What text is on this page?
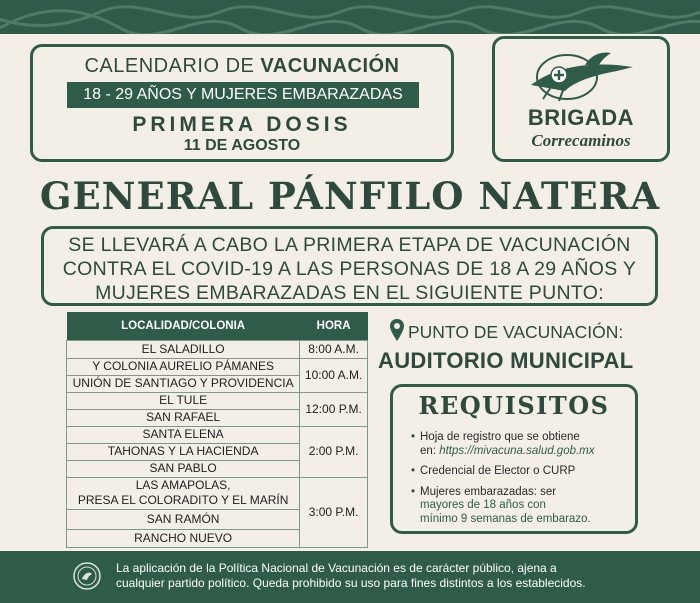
CALENDARIO DE VACUNACIÓN
18 - 29 AÑOS Y MUJERES EMBARAZADAS
PRIMERA DOSIS
11 DE AGOSTO
BRIGADA
Correcaminos
GENERAL PÁNFILO NATERA

SE LLEVARÁ A CABO LA PRIMERA ETAPA DE VACUNACIÓN

CONTRA EL COVID-19 A LAS PERSONAS DE 18 A 29 AÑOS Y

MUJERES EMBARAZADAS EN EL SIGUIENTE PUNTO:

LOCALIDAD/COLONIA	HORA
EL SALADILLO	8:00 A.M.
Y COLONIA AURELIO PÁMANES	10:00 A.M.
UNIÓN DE SANTIAGO Y PROVIDENCIA	
EL TULE	12:00 P.M.
SAN RAFAEL	
SANTA ELENA	2:00 P.M.
TAHONAS Y LA HACIENDA	
SAN PABLO	

LAS AMAPOLAS,
PRESA EL COLORADITO Y EL MARÍN	3:00 P.M.
SAN RAMÓN	
RANCHO NUEVO	
PUNTO DE VACUNACIÓN:
AUDITORIO MUNICIPAL
REQUISITOS
• Hoja de registro que se obtiene
en: https://mivacuna.salud.gob.mx
• Credencial de Elector o CURP
• Mujeres embarazadas: ser
mayores de 18 años con
mínimo 9 semanas de embarazo.
La aplicación de la Política Nacional de Vacunación es de carácter público, ajena a
cualquier partido político. Queda prohibido su uso para fines distintos a los establecidos.
